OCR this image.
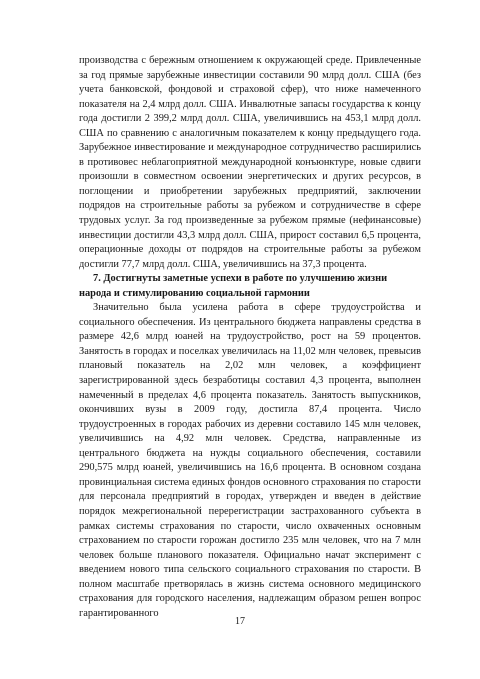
производства с бережным отношением к окружающей среде. Привлеченные за год прямые зарубежные инвестиции составили 90 млрд долл. США (без учета банковской, фондовой и страховой сфер), что ниже намеченного показателя на 2,4 млрд долл. США. Инвалютные запасы государства к концу года достигли 2 399,2 млрд долл. США, увеличившись на 453,1 млрд долл. США по сравнению с аналогичным показателем к концу предыдущего года. Зарубежное инвестирование и международное сотрудничество расширились в противовес неблагоприятной международной конъюнктуре, новые сдвиги произошли в совместном освоении энергетических и других ресурсов, в поглощении и приобретении зарубежных предприятий, заключении подрядов на строительные работы за рубежом и сотрудничестве в сфере трудовых услуг. За год произведенные за рубежом прямые (нефинансовые) инвестиции достигли 43,3 млрд долл. США, прирост составил 6,5 процента, операционные доходы от подрядов на строительные работы за рубежом достигли 77,7 млрд долл. США, увеличившись на 37,3 процента.

7. Достигнуты заметные успехи в работе по улучшению жизни народа и стимулированию социальной гармонии

Значительно была усилена работа в сфере трудоустройства и социального обеспечения. Из центрального бюджета направлены средства в размере 42,6 млрд юаней на трудоустройство, рост на 59 процентов. Занятость в городах и поселках увеличилась на 11,02 млн человек, превысив плановый показатель на 2,02 млн человек, а коэффициент зарегистрированной здесь безработицы составил 4,3 процента, выполнен намеченный в пределах 4,6 процента показатель. Занятость выпускников, окончивших вузы в 2009 году, достигла 87,4 процента. Число трудоустроенных в городах рабочих из деревни составило 145 млн человек, увеличившись на 4,92 млн человек. Средства, направленные из центрального бюджета на нужды социального обеспечения, составили 290,575 млрд юаней, увеличившись на 16,6 процента. В основном создана провинциальная система единых фондов основного страхования по старости для персонала предприятий в городах, утвержден и введен в действие порядок межрегиональной перерегистрации застрахованного субъекта в рамках системы страхования по старости, число охваченных основным страхованием по старости горожан достигло 235 млн человек, что на 7 млн человек больше планового показателя. Официально начат эксперимент с введением нового типа сельского социального страхования по старости. В полном масштабе претворялась в жизнь система основного медицинского страхования для городского населения, надлежащим образом решен вопрос гарантированного

17
